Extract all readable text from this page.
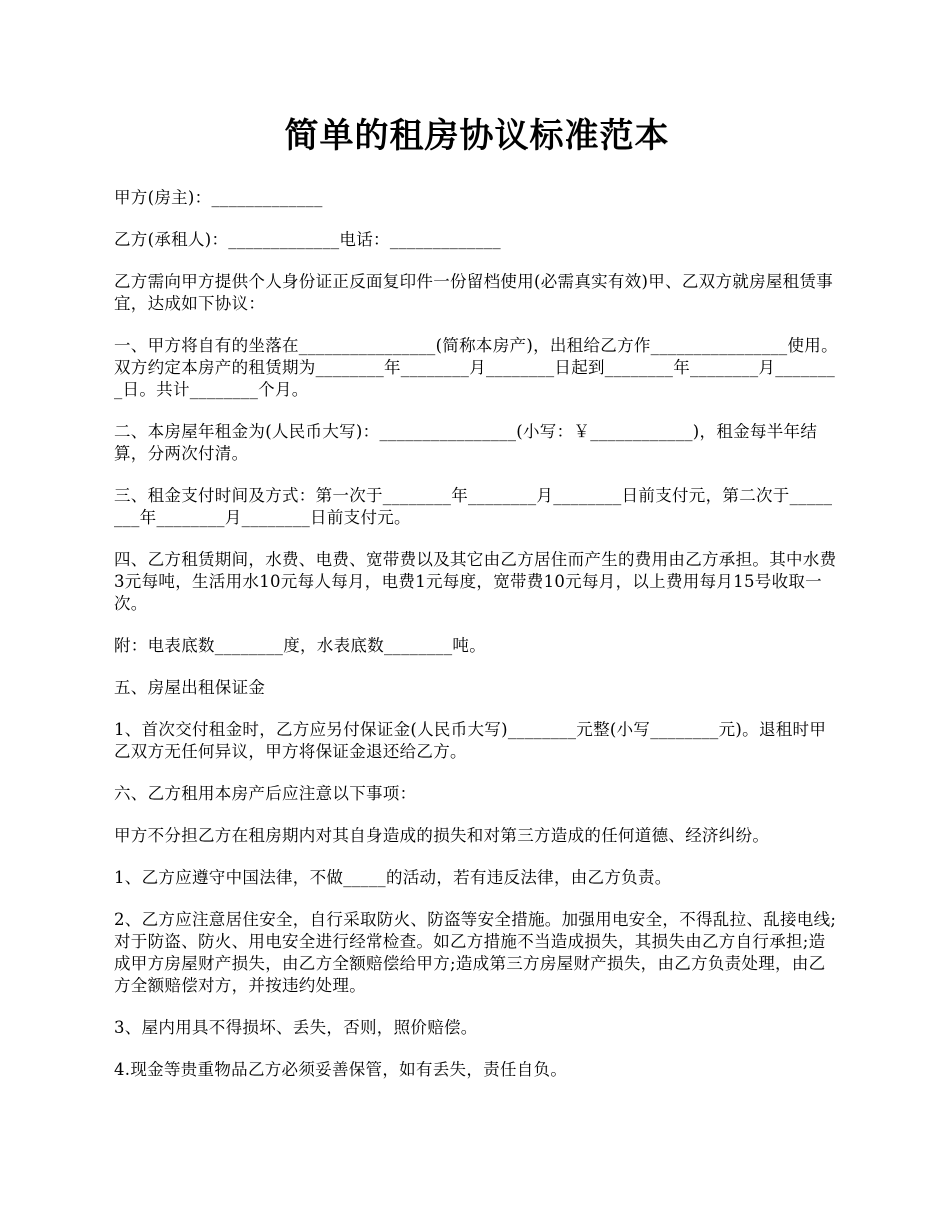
简单的租房协议标准范本

甲方(房主)：_____________

乙方(承租人)：_____________电话：_____________

乙方需向甲方提供个人身份证正反面复印件一份留档使用(必需真实有效)甲、乙双方就房屋租赁事宜，达成如下协议：

一、甲方将自有的坐落在________________(简称本房产)，出租给乙方作________________使用。双方约定本房产的租赁期为________年________月________日起到________年________月________日。共计________个月。

二、本房屋年租金为(人民币大写)：________________(小写：￥____________)，租金每半年结算，分两次付清。

三、租金支付时间及方式：第一次于________年________月________日前支付元，第二次于________年________月________日前支付元。

四、乙方租赁期间，水费、电费、宽带费以及其它由乙方居住而产生的费用由乙方承担。其中水费3元每吨，生活用水10元每人每月，电费1元每度，宽带费10元每月，以上费用每月15号收取一次。

附：电表底数________度，水表底数________吨。

五、房屋出租保证金

1、首次交付租金时，乙方应另付保证金(人民币大写)________元整(小写________元)。退租时甲乙双方无任何异议，甲方将保证金退还给乙方。

六、乙方租用本房产后应注意以下事项：

甲方不分担乙方在租房期内对其自身造成的损失和对第三方造成的任何道德、经济纠纷。

1、乙方应遵守中国法律，不做_____的活动，若有违反法律，由乙方负责。

2、乙方应注意居住安全，自行采取防火、防盗等安全措施。加强用电安全，不得乱拉、乱接电线;对于防盗、防火、用电安全进行经常检查。如乙方措施不当造成损失，其损失由乙方自行承担;造成甲方房屋财产损失，由乙方全额赔偿给甲方;造成第三方房屋财产损失，由乙方负责处理，由乙方全额赔偿对方，并按违约处理。

3、屋内用具不得损坏、丢失，否则，照价赔偿。

4.现金等贵重物品乙方必须妥善保管，如有丢失，责任自负。
